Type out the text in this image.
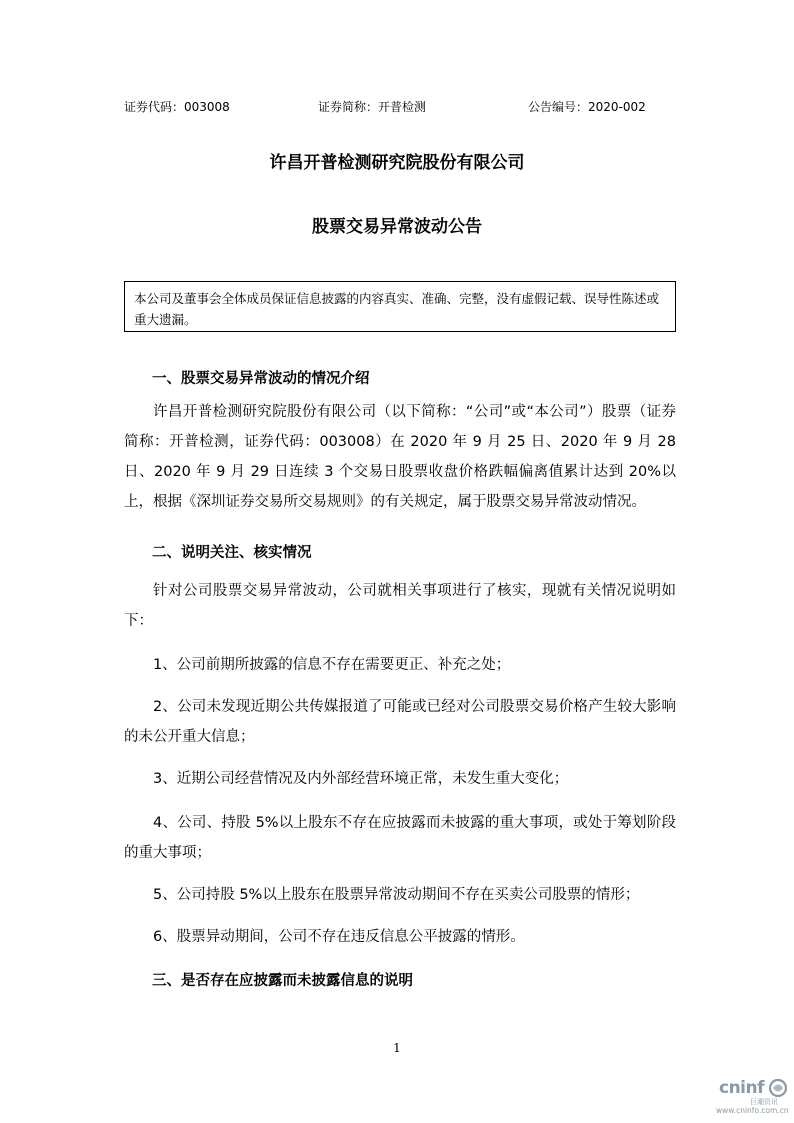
证券代码：003008	证券简称：开普检测	公告编号：2020-002
许昌开普检测研究院股份有限公司
股票交易异常波动公告
本公司及董事会全体成员保证信息披露的内容真实、准确、完整，没有虚假记载、误导性陈述或重大遗漏。
一、股票交易异常波动的情况介绍
许昌开普检测研究院股份有限公司（以下简称：“公司”或“本公司”）股票（证券简称：开普检测，证券代码：003008）在 2020 年 9 月 25 日、2020 年 9 月 28 日、2020 年 9 月 29 日连续 3 个交易日股票收盘价格跌幅偏离值累计达到 20%以上，根据《深圳证券交易所交易规则》的有关规定，属于股票交易异常波动情况。
二、说明关注、核实情况
针对公司股票交易异常波动，公司就相关事项进行了核实，现就有关情况说明如下：
1、公司前期所披露的信息不存在需要更正、补充之处；
2、公司未发现近期公共传媒报道了可能或已经对公司股票交易价格产生较大影响的未公开重大信息；
3、近期公司经营情况及内外部经营环境正常，未发生重大变化；
4、公司、持股 5%以上股东不存在应披露而未披露的重大事项，或处于筹划阶段的重大事项；
5、公司持股 5%以上股东在股票异常波动期间不存在买卖公司股票的情形；
6、股票异动期间，公司不存在违反信息公平披露的情形。
三、是否存在应披露而未披露信息的说明
1
cninf
巨潮资讯
www.cninfo.com.cn
